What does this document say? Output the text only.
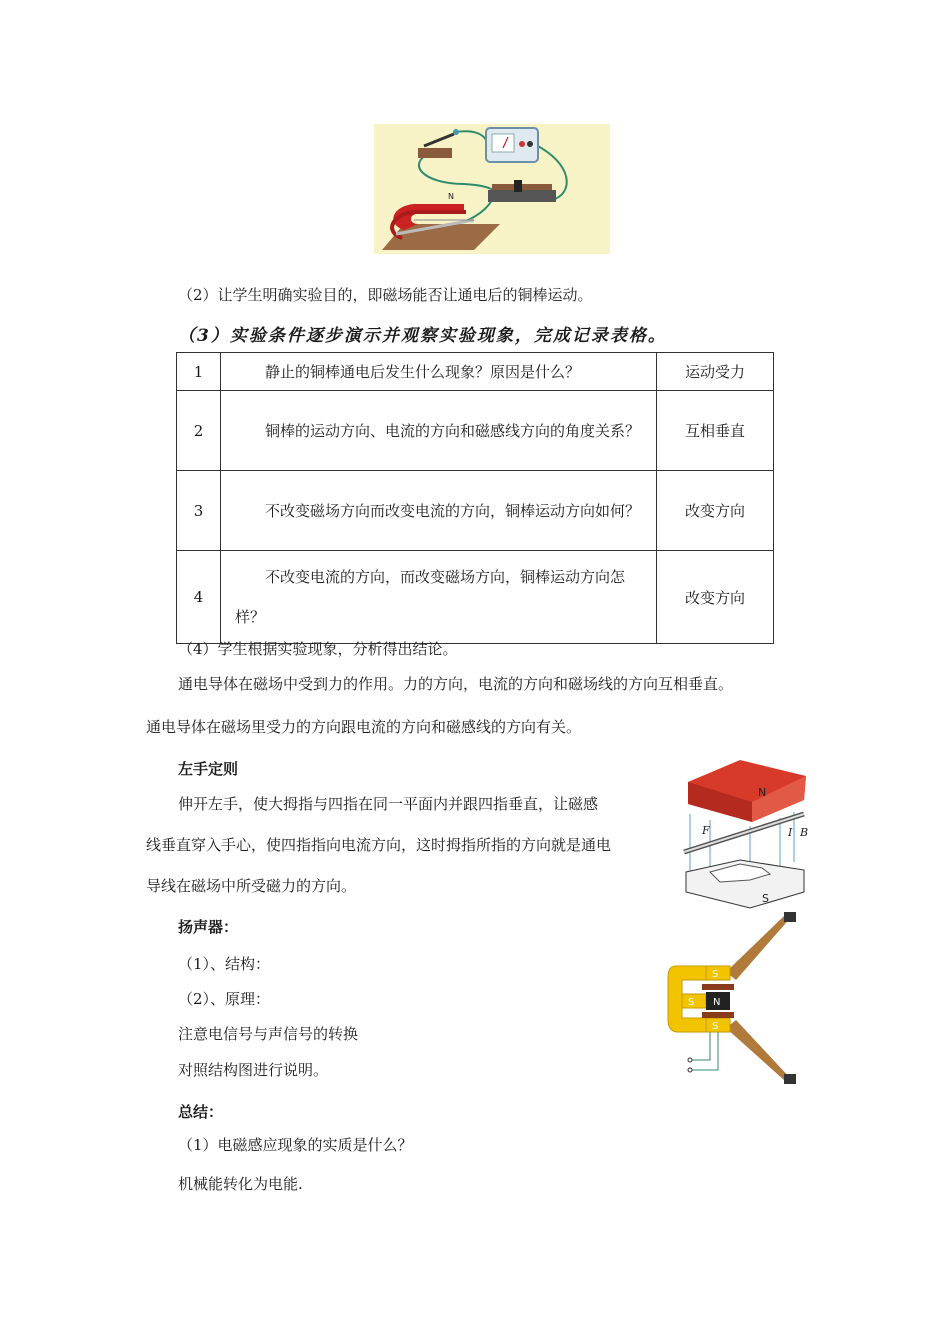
N
（2）让学生明确实验目的，即磁场能否让通电后的铜棒运动。
（3）实验条件逐步演示并观察实验现象，完成记录表格。
1	静止的铜棒通电后发生什么现象？原因是什么？	运动受力
2	铜棒的运动方向、电流的方向和磁感线方向的角度关系？	互相垂直
3	不改变磁场方向而改变电流的方向，铜棒运动方向如何？	改变方向
4	不改变电流的方向，而改变磁场方向，铜棒运动方向怎样？	改变方向
（4）学生根据实验现象，分析得出结论。
通电导体在磁场中受到力的作用。力的方向，电流的方向和磁场线的方向互相垂直。
通电导体在磁场里受力的方向跟电流的方向和磁感线的方向有关。
左手定则
伸开左手，使大拇指与四指在同一平面内并跟四指垂直，让磁感
线垂直穿入手心，使四指指向电流方向，这时拇指所指的方向就是通电
导线在磁场中所受磁力的方向。
N
S
F	I B
扬声器：
（1）、结构：
（2）、原理：
注意电信号与声信号的转换
对照结构图进行说明。
S
S N
S
总结：
（1）电磁感应现象的实质是什么？
机械能转化为电能.
